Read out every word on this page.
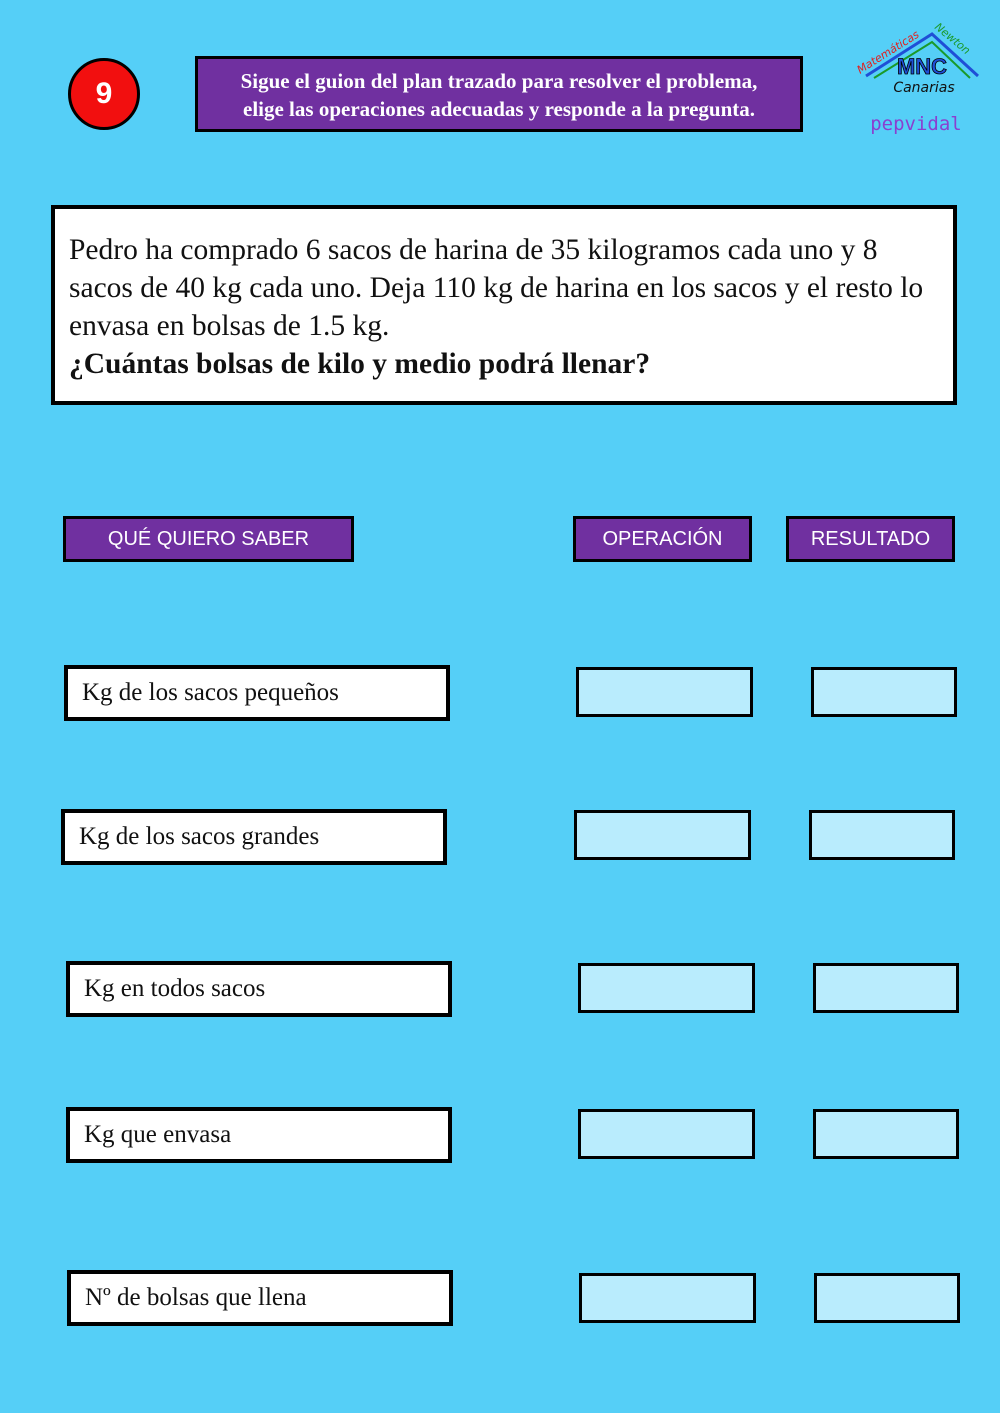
9	Sigue el guion del plan trazado para resolver el problema,
elige las operaciones adecuadas y responde a la pregunta.
Matemáticas Newton
MNC
Canarias
pepvidal
Pedro ha comprado 6 sacos de harina de 35 kilogramos cada uno y 8 sacos de 40 kg cada uno. Deja 110 kg de harina en los sacos y el resto lo envasa en bolsas de 1.5 kg.
¿Cuántas bolsas de kilo y medio podrá llenar?
QUÉ QUIERO SABER	OPERACIÓN	RESULTADO
Kg de los sacos pequeños
Kg de los sacos grandes
Kg en todos sacos
Kg que envasa
Nº de bolsas que llena
